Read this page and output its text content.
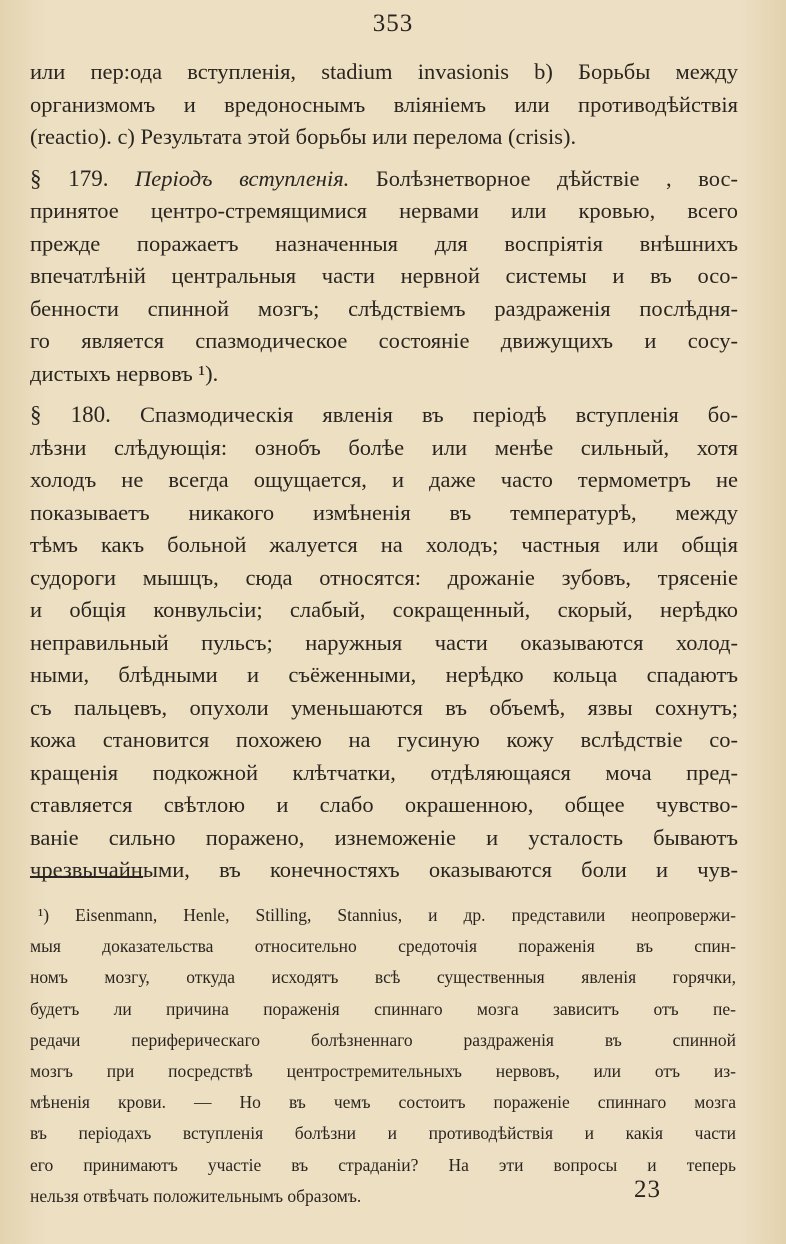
353
или пер:ода вступленія, stadium invasionis b) Борьбы между
организмомъ и вредоноснымъ вліяніемъ или противодѣйствія
(reactio). с) Результата этой борьбы или перелома (crisis).
§ 179. Періодъ вступленія. Болѣзнетворное дѣйствіе , вос-
принятое центро-стремящимися нервами или кровью, всего
прежде поражаетъ назначенныя для воспріятія внѣшнихъ
впечатлѣній центральныя части нервной системы и въ осо-
бенности спинной мозгъ; слѣдствіемъ раздраженія послѣдня-
го является спазмодическое состояніе движущихъ и сосу-
дистыхъ нервовъ ¹).
§ 180. Спазмодическія явленія въ періодѣ вступленія бо-
лѣзни слѣдующія: ознобъ болѣе или менѣе сильный, хотя
холодъ не всегда ощущается, и даже часто термометръ не
показываетъ никакого измѣненія въ температурѣ, между
тѣмъ какъ больной жалуется на холодъ; частныя или общія
судороги мышцъ, сюда относятся: дрожаніе зубовъ, трясеніе
и общія конвульсіи; слабый, сокращенный, скорый, нерѣдко
неправильный пульсъ; наружныя части оказываются холод-
ными, блѣдными и съёженными, нерѣдко кольца спадаютъ
съ пальцевъ, опухоли уменьшаются въ объемѣ, язвы сохнутъ;
кожа становится похожею на гусиную кожу вслѣдствіе со-
кращенія подкожной клѣтчатки, отдѣляющаяся моча пред-
ставляется свѣтлою и слабо окрашенною, общее чувство-
ваніе сильно поражено, изнеможеніе и усталость бываютъ
чрезвычайными, въ конечностяхъ оказываются боли и чув-
¹) Eisenmann, Henle, Stilling, Stannius, и др. представили неопровержи-
мыя доказательства относительно средоточія пораженія въ спин-
номъ мозгу, откуда исходятъ всѣ существенныя явленія горячки,
будетъ ли причина пораженія спиннаго мозга зависитъ отъ пе-
редачи периферическаго болѣзненнаго раздраженія въ спинной
мозгъ при посредствѣ центростремительныхъ нервовъ, или отъ из-
мѣненія крови. — Но въ чемъ состоитъ пораженіе спиннаго мозга
въ періодахъ вступленія болѣзни и противодѣйствія и какія части
его принимаютъ участіе въ страданіи? На эти вопросы и теперь
нельзя отвѣчать положительнымъ образомъ.	23
